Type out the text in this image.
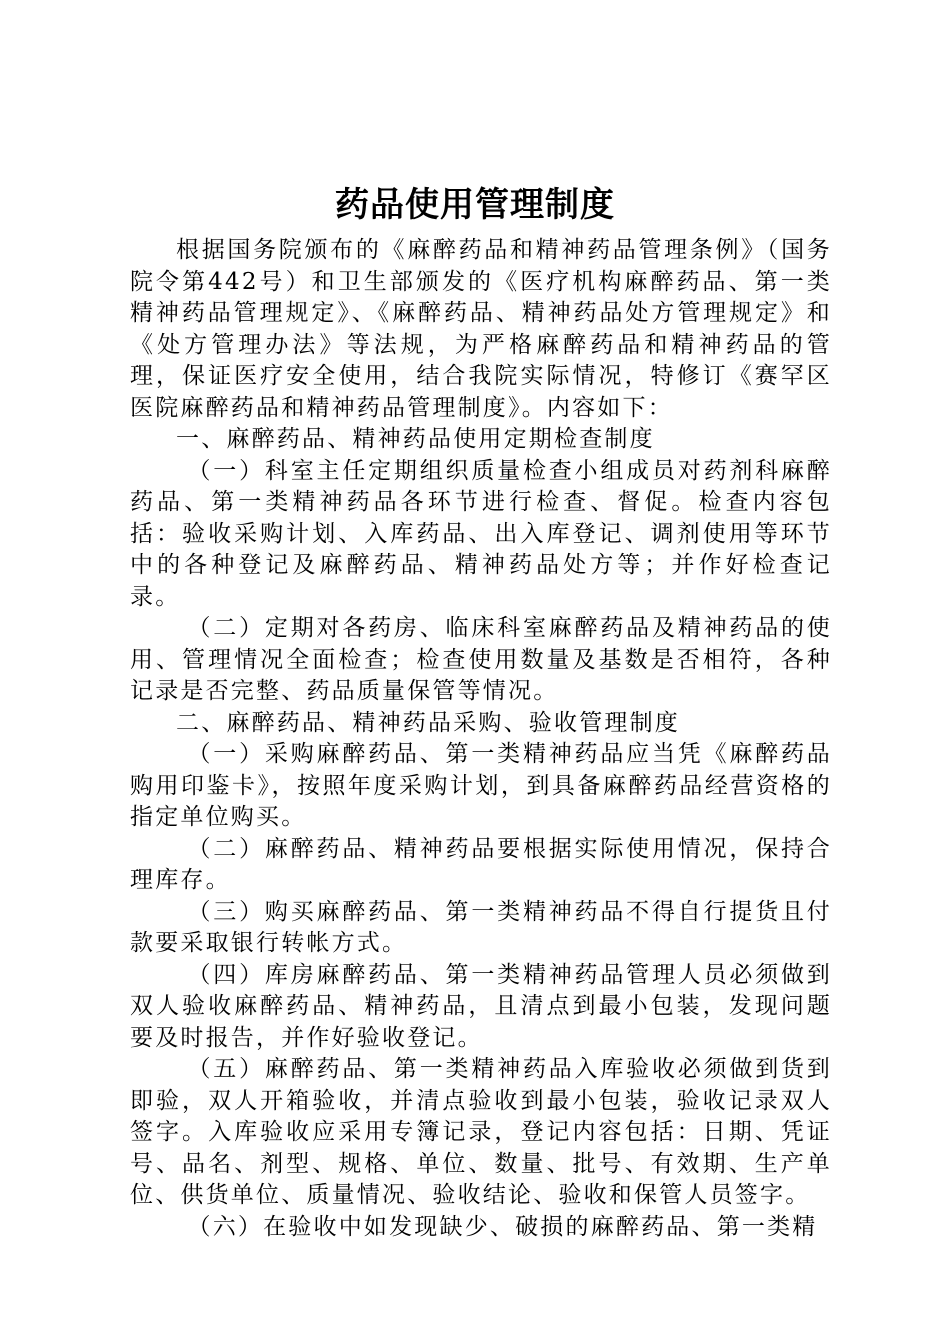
药品使用管理制度

根据国务院颁布的《麻醉药品和精神药品管理条例》（国务院令第442号）和卫生部颁发的《医疗机构麻醉药品、第一类精神药品管理规定》、《麻醉药品、精神药品处方管理规定》和《处方管理办法》等法规，为严格麻醉药品和精神药品的管理，保证医疗安全使用，结合我院实际情况，特修订《赛罕区医院麻醉药品和精神药品管理制度》。内容如下：

一、麻醉药品、精神药品使用定期检查制度

（一）科室主任定期组织质量检查小组成员对药剂科麻醉药品、第一类精神药品各环节进行检查、督促。检查内容包括：验收采购计划、入库药品、出入库登记、调剂使用等环节中的各种登记及麻醉药品、精神药品处方等；并作好检查记录。

（二）定期对各药房、临床科室麻醉药品及精神药品的使用、管理情况全面检查；检查使用数量及基数是否相符，各种记录是否完整、药品质量保管等情况。

二、麻醉药品、精神药品采购、验收管理制度

（一）采购麻醉药品、第一类精神药品应当凭《麻醉药品购用印鉴卡》，按照年度采购计划，到具备麻醉药品经营资格的指定单位购买。

（二）麻醉药品、精神药品要根据实际使用情况，保持合理库存。

（三）购买麻醉药品、第一类精神药品不得自行提货且付款要采取银行转帐方式。

（四）库房麻醉药品、第一类精神药品管理人员必须做到双人验收麻醉药品、精神药品，且清点到最小包装，发现问题要及时报告，并作好验收登记。

（五）麻醉药品、第一类精神药品入库验收必须做到货到即验，双人开箱验收，并清点验收到最小包装，验收记录双人签字。入库验收应采用专簿记录，登记内容包括：日期、凭证号、品名、剂型、规格、单位、数量、批号、有效期、生产单位、供货单位、质量情况、验收结论、验收和保管人员签字。

（六）在验收中如发现缺少、破损的麻醉药品、第一类精
